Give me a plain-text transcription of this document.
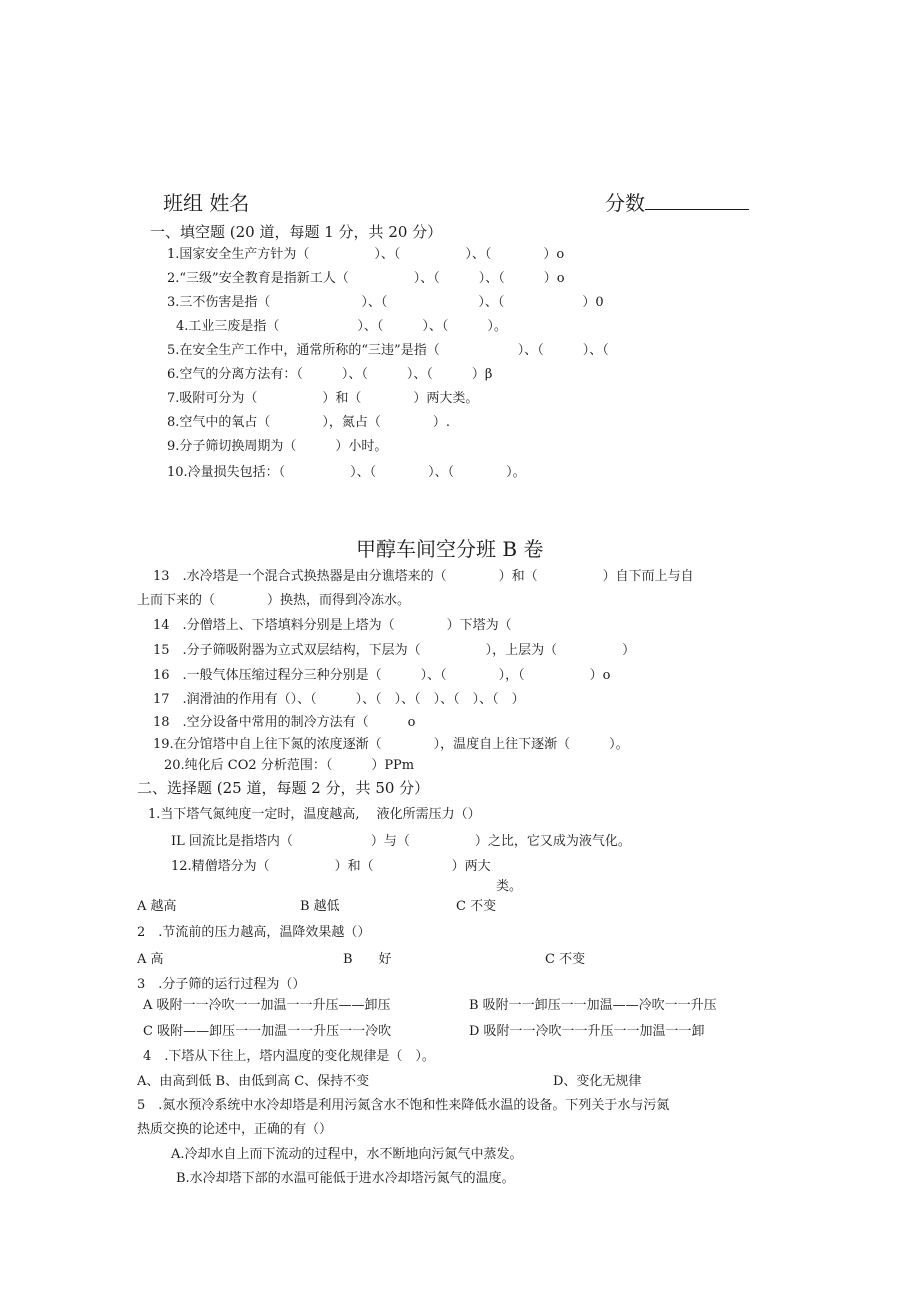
班组 姓名	分数
一、填空题 (20 道，每题 1 分，共 20 分）
1.国家安全生产方针为（　　　　　）、（　　　　　）、（　　　　）o
2.“三级”安全教育是指新工人（　　　　　）、（　　　）、（　　　）o
3.三不伤害是指（　　　　　　　）、（　　　　　　　）、（　　　　　　）0
4.工业三废是指（　　　　　　）、（　　　）、（　　　）。
5.在安全生产工作中，通常所称的“三违”是指（　　　　　　）、（　　　）、（
6.空气的分离方法有：（　　　）、（　　　）、（　　　）β
7.吸附可分为（　　　　　）和（　　　　）两大类。
8.空气中的氧占（　　　　），氮占（　　　　）.
9.分子筛切换周期为（　　　）小时。
10.冷量损失包括：（　　　　　）、（　　　　）、（　　　　）。
甲醇车间空分班 B 卷
13　.水冷塔是一个混合式换热器是由分谯塔来的（　　　　）和（　　　　　）自下而上与自
上而下来的（　　　　）换热，而得到冷冻水。
14　.分僧塔上、下塔填料分别是上塔为（　　　　）下塔为（
15　.分子筛吸附器为立式双层结构，下层为（　　　　　），上层为（　　　　　）
16　.一般气体压缩过程分三种分别是（　　　）、（　　　　），（　　　　　）o
17　.润滑油的作用有（）、（　　　）、（　）、（　）、（　）、（　）
18　.空分设备中常用的制冷方法有（　　　o
19.在分馆塔中自上往下氮的浓度逐渐（　　　　），温度自上往下逐渐（　　　）。
20.纯化后 CO2 分析范围：（　　　）PPm
二、选择题 (25 道，每题 2 分，共 50 分）
1.当下塔气氮纯度一定时，温度越高,　 液化所需压力（）
IL 回流比是指塔内（　　　　　　）与（　　　　　）之比，它又成为液气化。
12.精僧塔分为（　　　　　）和（　　　　　　）两大
类。
A 越高	B 越低	C 不变
2　.节流前的压力越高，温降效果越（）
A 高	B　　好	C 不变
3　.分子筛的运行过程为（）
A 吸附一一冷吹一一加温一一升压——卸压	B 吸附一一卸压一一加温——冷吹一一升压
C 吸附——卸压一一加温一一升压一一冷吹	D 吸附一一冷吹一一升压一一加温一一卸
4　.下塔从下往上，塔内温度的变化规律是（　）。
A、由高到低 B、由低到高 C、保持不变	D、变化无规律
5　.氮水预冷系统中水冷却塔是利用污氮含水不饱和性来降低水温的设备。下列关于水与污氮
热质交换的论述中，正确的有（）
A.冷却水自上而下流动的过程中，水不断地向污氮气中蒸发。
B.水冷却塔下部的水温可能低于进水冷却塔污氮气的温度。
